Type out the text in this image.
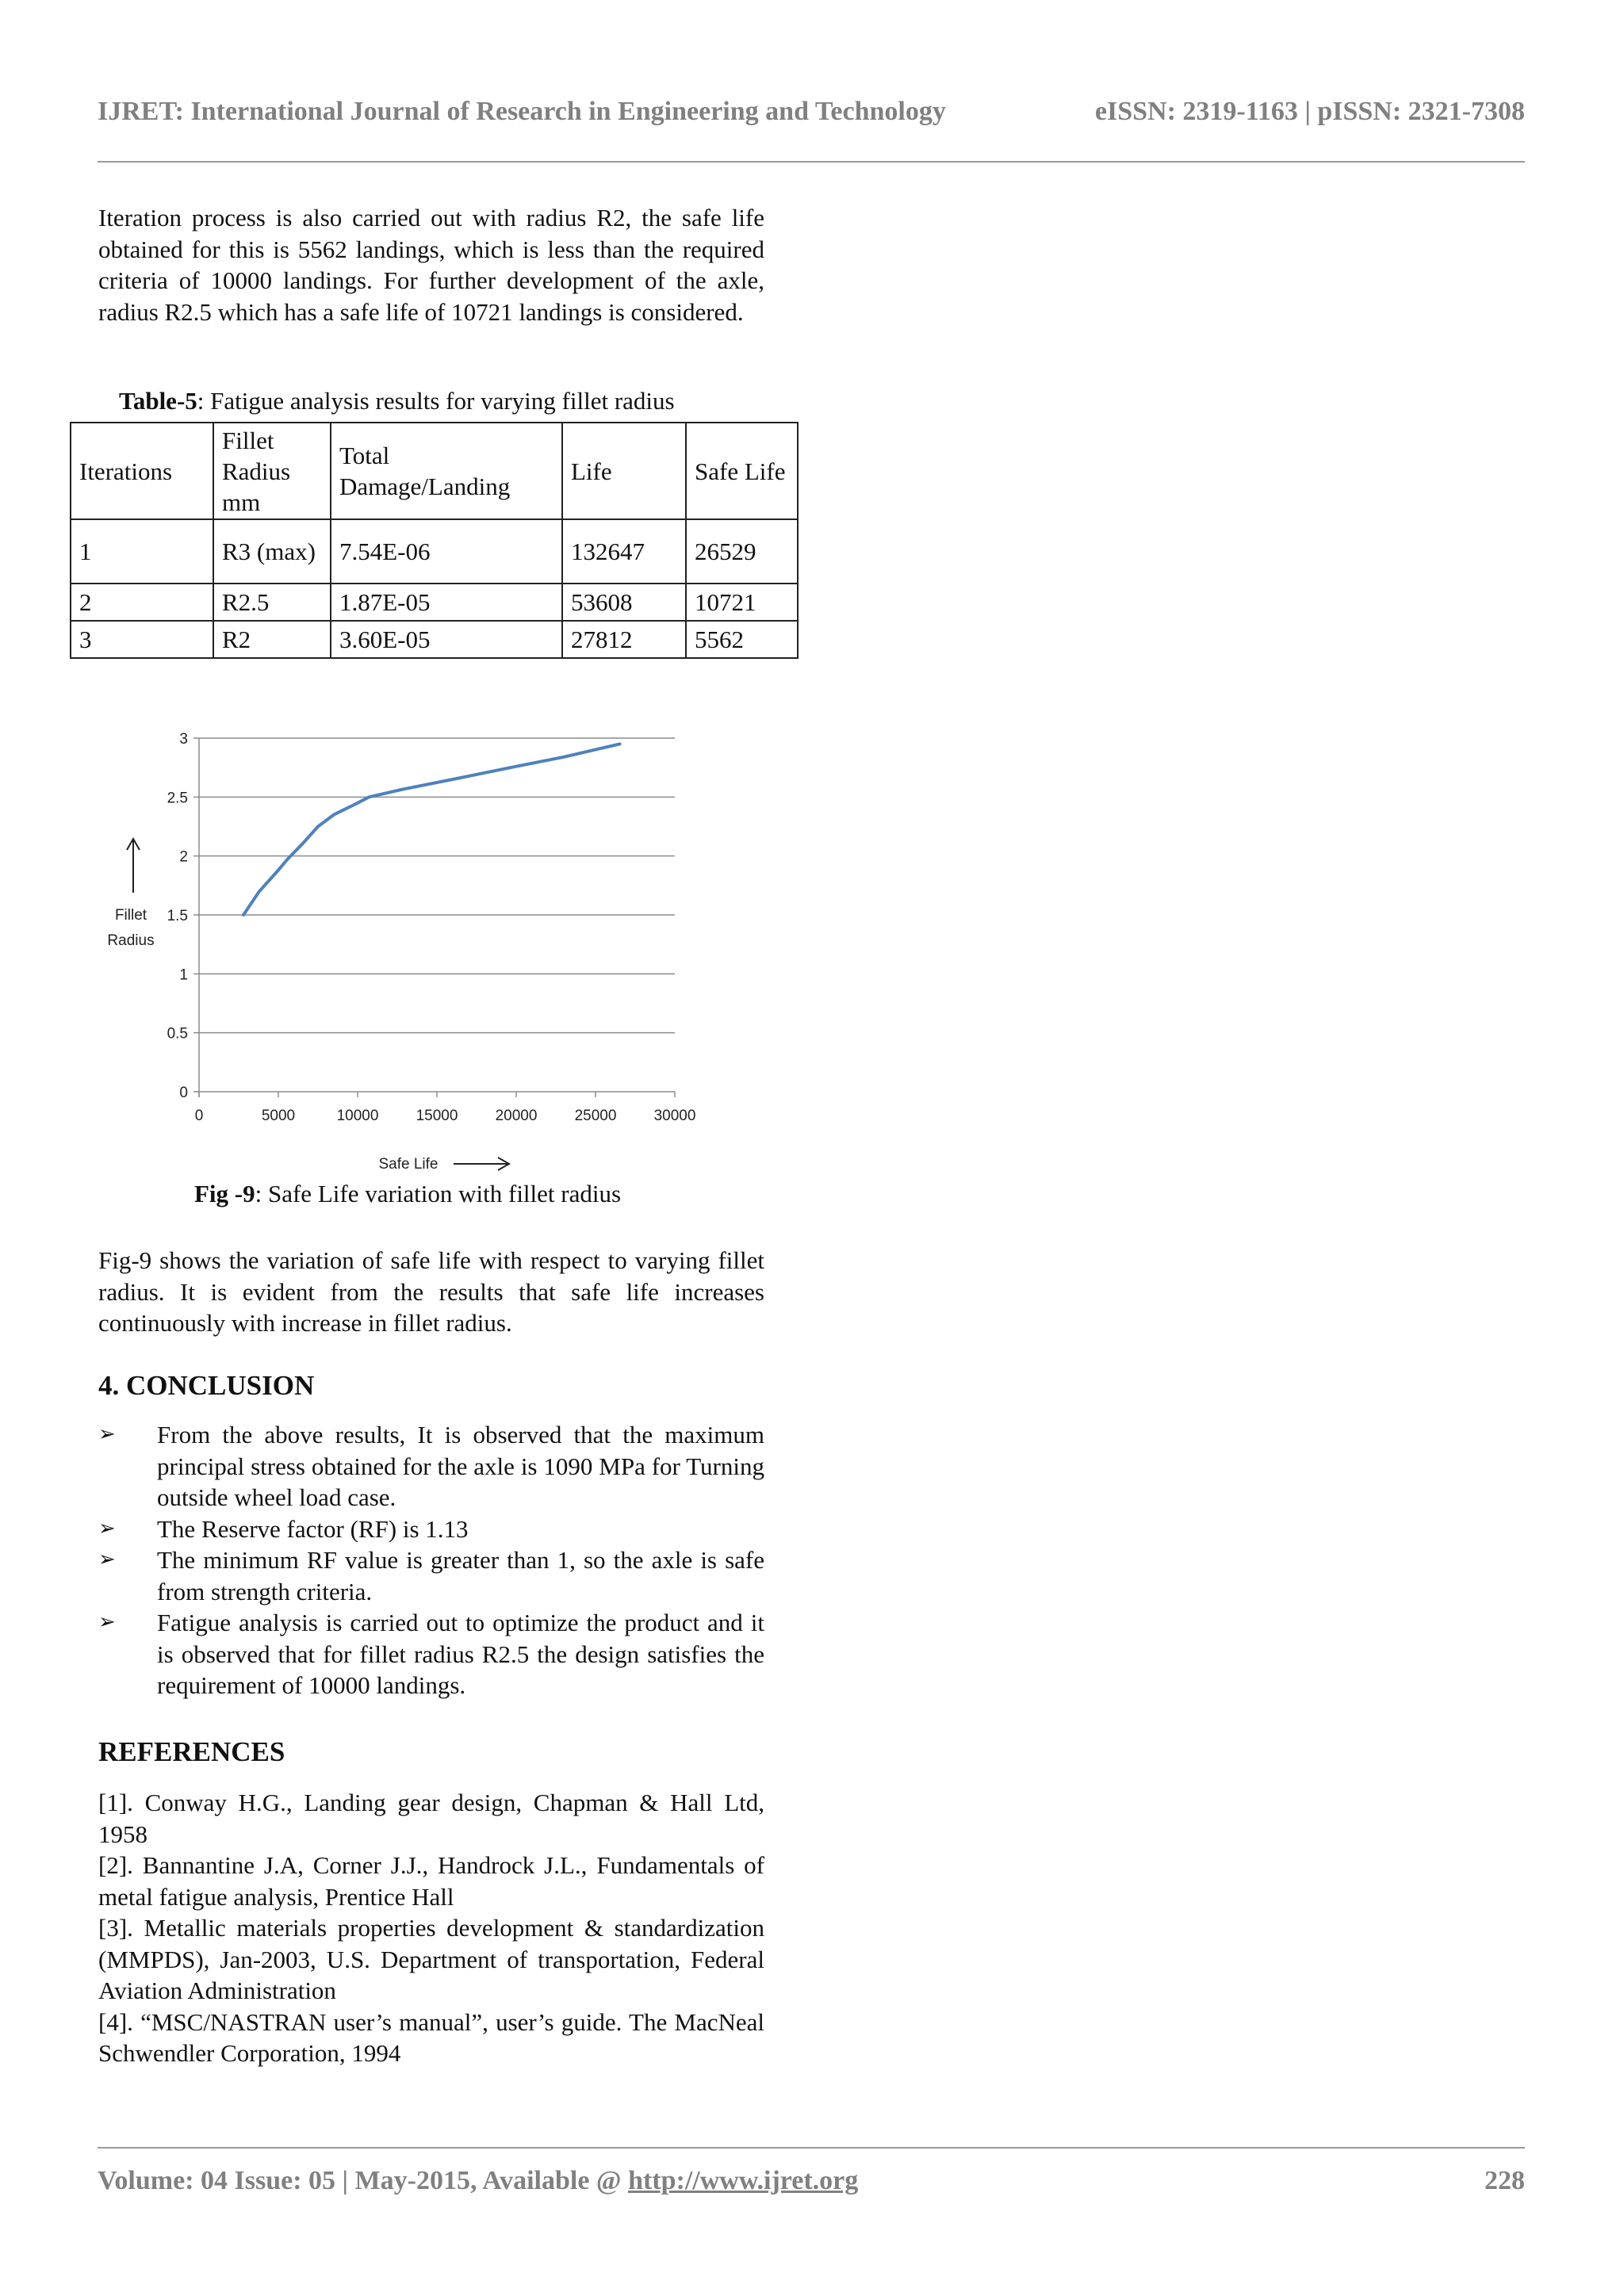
IJRET: International Journal of Research in Engineering and Technology	eISSN: 2319-1163 | pISSN: 2321-7308
Iteration process is also carried out with radius R2, the safe life obtained for this is 5562 landings, which is less than the required criteria of 10000 landings. For further development of the axle, radius R2.5 which has a safe life of 10721 landings is considered.
Table-5: Fatigue analysis results for varying fillet radius
Iterations	Fillet Radius mm	Total Damage/Landing	Life	Safe Life
1	R3 (max)	7.54E-06	132647	26529
2	R2.5	1.87E-05	53608	10721
3	R2	3.60E-05	27812	5562
0
0.5
1
1.5
2
2.5
3
0	5000	10000 15000 20000 25000 30000
Fillet Radius
Safe Life
Fig -9: Safe Life variation with fillet radius
Fig-9 shows the variation of safe life with respect to varying fillet radius. It is evident from the results that safe life increases continuously with increase in fillet radius.
4. CONCLUSION
➢ From the above results, It is observed that the maximum principal stress obtained for the axle is 1090 MPa for Turning outside wheel load case.
➢ The Reserve factor (RF) is 1.13
➢ The minimum RF value is greater than 1, so the axle is safe from strength criteria.
➢ Fatigue analysis is carried out to optimize the product and it is observed that for fillet radius R2.5 the design satisfies the requirement of 10000 landings.
REFERENCES
[1]. Conway H.G., Landing gear design, Chapman & Hall Ltd, 1958
[2]. Bannantine J.A, Corner J.J., Handrock J.L., Fundamentals of metal fatigue analysis, Prentice Hall
[3]. Metallic materials properties development & standardization (MMPDS), Jan-2003, U.S. Department of transportation, Federal Aviation Administration
[4]. “MSC/NASTRAN user’s manual”, user’s guide. The MacNeal Schwendler Corporation, 1994
Volume: 04 Issue: 05 | May-2015, Available @ http://www.ijret.org	228
